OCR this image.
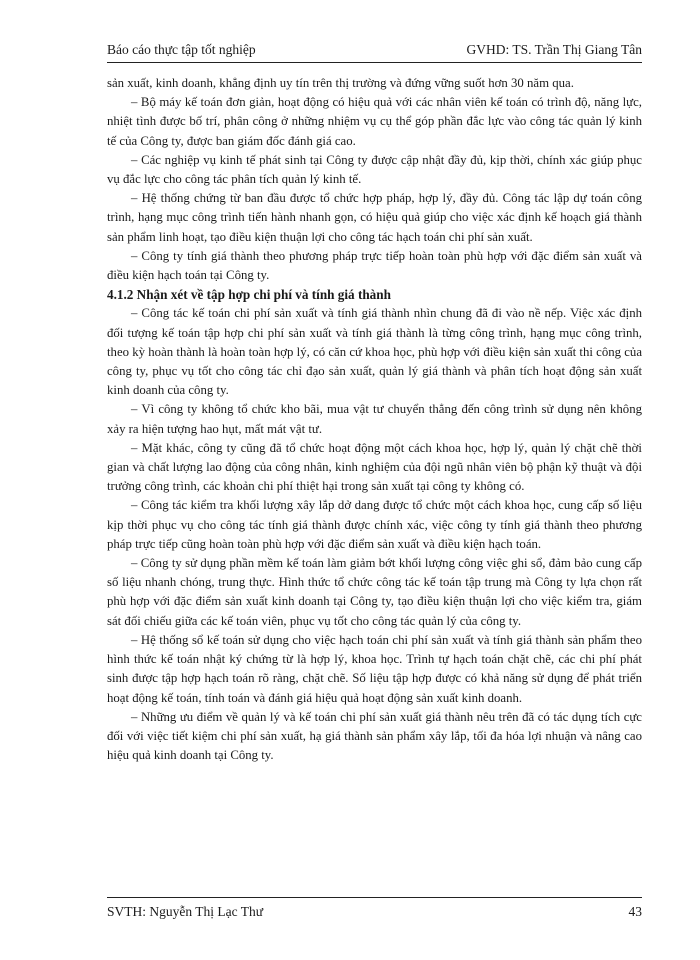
Báo cáo thực tập tốt nghiệp	GVHD: TS. Trần Thị Giang Tân

sản xuất, kinh doanh, khẳng định uy tín trên thị trường và đứng vững suốt hơn 30 năm qua.

– Bộ máy kế toán đơn giản, hoạt động có hiệu quả với các nhân viên kế toán có trình độ, năng lực, nhiệt tình được bố trí, phân công ở những nhiệm vụ cụ thể góp phần đắc lực vào công tác quản lý kinh tế của Công ty, được ban giám đốc đánh giá cao.

– Các nghiệp vụ kinh tế phát sinh tại Công ty được cập nhật đầy đủ, kịp thời, chính xác giúp phục vụ đắc lực cho công tác phân tích quản lý kinh tế.

– Hệ thống chứng từ ban đầu được tổ chức hợp pháp, hợp lý, đầy đủ. Công tác lập dự toán công trình, hạng mục công trình tiến hành nhanh gọn, có hiệu quả giúp cho việc xác định kế hoạch giá thành sản phẩm linh hoạt, tạo điều kiện thuận lợi cho công tác hạch toán chi phí sản xuất.

– Công ty tính giá thành theo phương pháp trực tiếp hoàn toàn phù hợp với đặc điểm sản xuất và điều kiện hạch toán tại Công ty.

4.1.2 Nhận xét về tập hợp chi phí và tính giá thành

– Công tác kế toán chi phí sản xuất và tính giá thành nhìn chung đã đi vào nề nếp. Việc xác định đối tượng kế toán tập hợp chi phí sản xuất và tính giá thành là từng công trình, hạng mục công trình, theo kỳ hoàn thành là hoàn toàn hợp lý, có căn cứ khoa học, phù hợp với điều kiện sản xuất thi công của công ty, phục vụ tốt cho công tác chỉ đạo sản xuất, quản lý giá thành và phân tích hoạt động sản xuất kinh doanh của công ty.

– Vì công ty không tổ chức kho bãi, mua vật tư chuyển thẳng đến công trình sử dụng nên không xảy ra hiện tượng hao hụt, mất mát vật tư.

– Mặt khác, công ty cũng đã tổ chức hoạt động một cách khoa học, hợp lý, quản lý chặt chẽ thời gian và chất lượng lao động của công nhân, kinh nghiệm của đội ngũ nhân viên bộ phận kỹ thuật và đội trưởng công trình, các khoản chi phí thiệt hại trong sản xuất tại công ty không có.

– Công tác kiểm tra khối lượng xây lắp dở dang được tổ chức một cách khoa học, cung cấp số liệu kịp thời phục vụ cho công tác tính giá thành được chính xác, việc công ty tính giá thành theo phương pháp trực tiếp cũng hoàn toàn phù hợp với đặc điểm sản xuất và điều kiện hạch toán.

– Công ty sử dụng phần mềm kế toán làm giảm bớt khối lượng công việc ghi sổ, đảm bảo cung cấp số liệu nhanh chóng, trung thực. Hình thức tổ chức công tác kế toán tập trung mà Công ty lựa chọn rất phù hợp với đặc điểm sản xuất kinh doanh tại Công ty, tạo điều kiện thuận lợi cho việc kiểm tra, giám sát đối chiếu giữa các kế toán viên, phục vụ tốt cho công tác quản lý của công ty.

– Hệ thống sổ kế toán sử dụng cho việc hạch toán chi phí sản xuất và tính giá thành sản phẩm theo hình thức kế toán nhật ký chứng từ là hợp lý, khoa học. Trình tự hạch toán chặt chẽ, các chi phí phát sinh được tập hợp hạch toán rõ ràng, chặt chẽ. Số liệu tập hợp được có khả năng sử dụng để phát triển hoạt động kế toán, tính toán và đánh giá hiệu quả hoạt động sản xuất kinh doanh.

– Những ưu điểm về quản lý và kế toán chi phí sản xuất giá thành nêu trên đã có tác dụng tích cực đối với việc tiết kiệm chi phí sản xuất, hạ giá thành sản phẩm xây lắp, tối đa hóa lợi nhuận và nâng cao hiệu quả kinh doanh tại Công ty.

SVTH: Nguyễn Thị Lạc Thư	43
